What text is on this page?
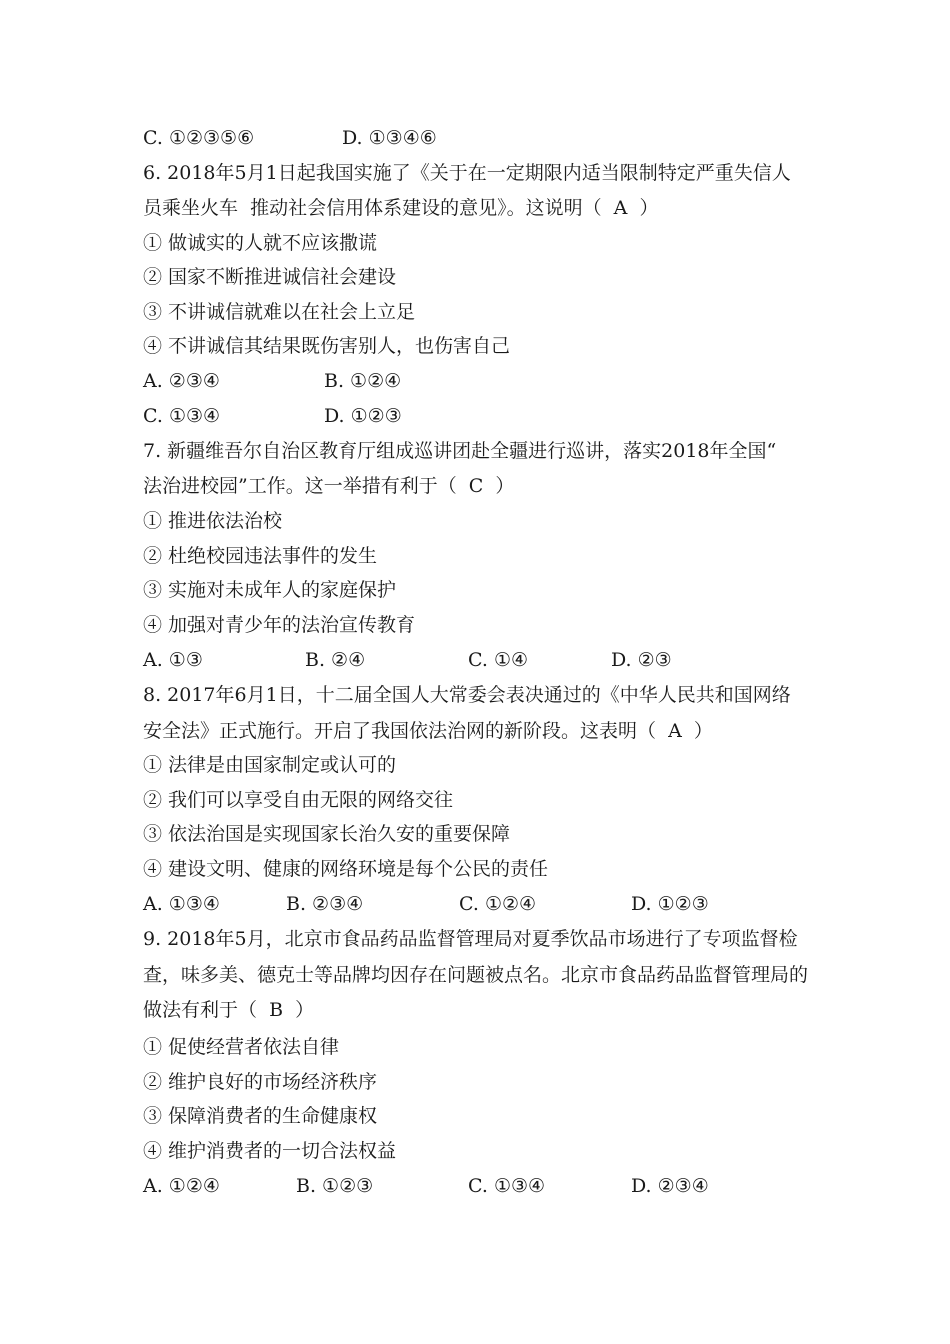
C. ①②③⑤⑥	D. ①③④⑥
6. 2018年5月1日起我国实施了《关于在一定期限内适当限制特定严重失信人
员乘坐火车  推动社会信用体系建设的意见》。这说明（  A  ）
① 做诚实的人就不应该撒谎
② 国家不断推进诚信社会建设
③ 不讲诚信就难以在社会上立足
④ 不讲诚信其结果既伤害别人，也伤害自己
A. ②③④	B. ①②④
C. ①③④	D. ①②③
7. 新疆维吾尔自治区教育厅组成巡讲团赴全疆进行巡讲，落实2018年全国“
法治进校园”工作。这一举措有利于（  C  ）
① 推进依法治校
② 杜绝校园违法事件的发生
③ 实施对未成年人的家庭保护
④ 加强对青少年的法治宣传教育
A. ①③	B. ②④	C. ①④	D. ②③
8. 2017年6月1日，十二届全国人大常委会表决通过的《中华人民共和国网络
安全法》正式施行。开启了我国依法治网的新阶段。这表明（  A  ）
① 法律是由国家制定或认可的
② 我们可以享受自由无限的网络交往
③ 依法治国是实现国家长治久安的重要保障
④ 建设文明、健康的网络环境是每个公民的责任
A. ①③④	B. ②③④	C. ①②④	D. ①②③
9. 2018年5月，北京市食品药品监督管理局对夏季饮品市场进行了专项监督检
查，味多美、德克士等品牌均因存在问题被点名。北京市食品药品监督管理局的
做法有利于（  B  ）
① 促使经营者依法自律
② 维护良好的市场经济秩序
③ 保障消费者的生命健康权
④ 维护消费者的一切合法权益
A. ①②④	B. ①②③	C. ①③④	D. ②③④
